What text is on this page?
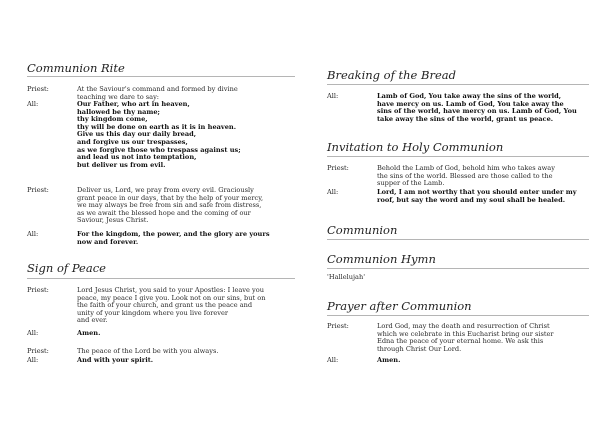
Communion Rite
Priest:	At the Saviour's command and formed by divine
teaching we dare to say:
All:	Our Father, who art in heaven,
hallowed be thy name;
thy kingdom come,
thy will be done on earth as it is in heaven.
Give us this day our daily bread,
and forgive us our trespasses,
as we forgive those who trespass against us;
and lead us not into temptation,
but deliver us from evil.
Priest:	Deliver us, Lord, we pray from every evil. Graciously
grant peace in our days, that by the help of your mercy,
we may always be free from sin and safe from distress,
as we await the blessed hope and the coming of our
Saviour, Jesus Christ.
All:	For the kingdom, the power, and the glory are yours
now and forever.
Sign of Peace
Priest:	Lord Jesus Christ, you said to your Apostles: I leave you
peace, my peace I give you. Look not on our sins, but on
the faith of your church, and grant us the peace and
unity of your kingdom where you live forever
and ever.
All:	Amen.
Priest:	The peace of the Lord be with you always.
All:	And with your spirit.
Breaking of the Bread
All:	Lamb of God, You take away the sins of the world,
have mercy on us. Lamb of God, You take away the
sins of the world, have mercy on us. Lamb of God, You
take away the sins of the world, grant us peace.
Invitation to Holy Communion
Priest:	Behold the Lamb of God, behold him who takes away
the sins of the world. Blessed are those called to the
supper of the Lamb.
All:	Lord, I am not worthy that you should enter under my
roof, but say the word and my soul shall be healed.
Communion
Communion Hymn
'Hallelujah'
Prayer after Communion
Priest:	Lord God, may the death and resurrection of Christ
which we celebrate in this Eucharist bring our sister
Edna the peace of your eternal home. We ask this
through Christ Our Lord.
All:	Amen.
